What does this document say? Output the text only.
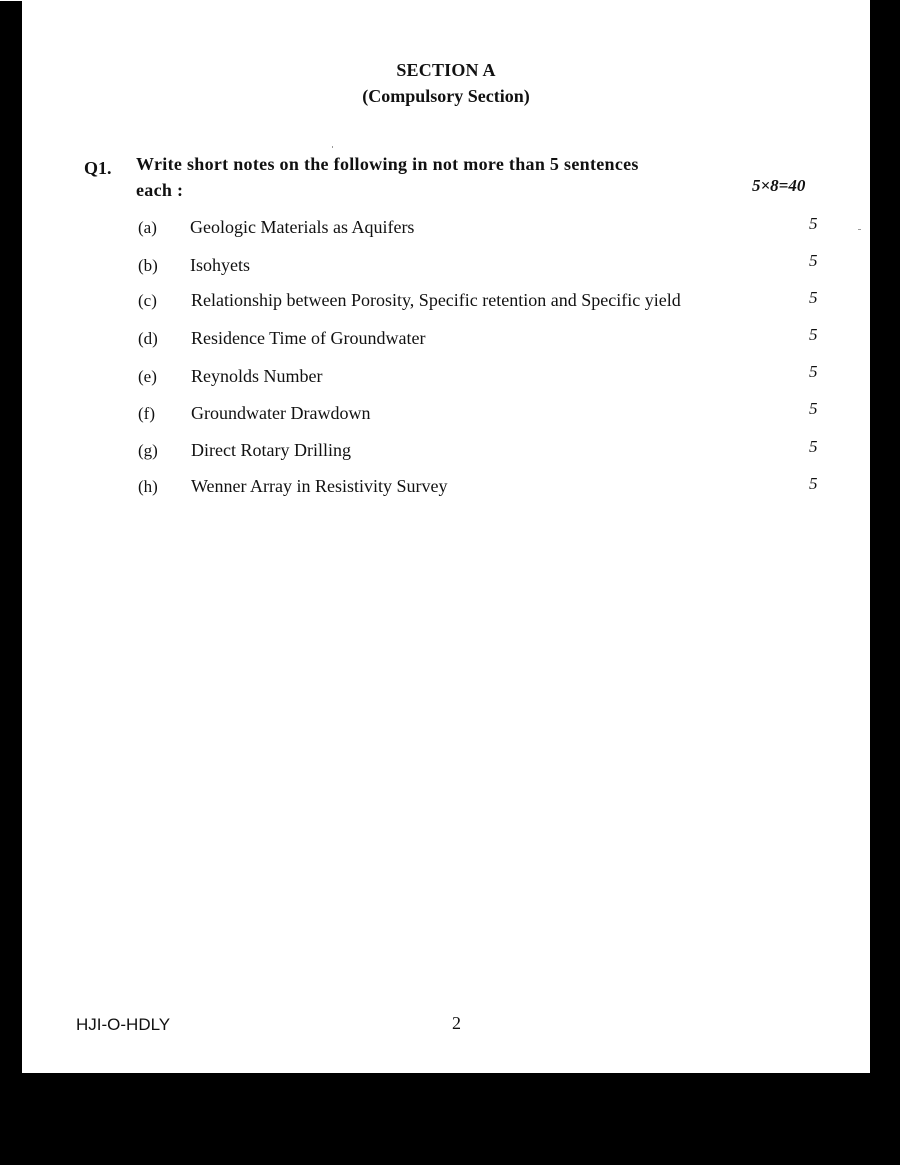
SECTION A
(Compulsory Section)
Q1. Write short notes on the following in not more than 5 sentences
each :	5×8=40
(a) Geologic Materials as Aquifers	5
(b) Isohyets	5
(c) Relationship between Porosity, Specific retention and Specific yield	5
(d) Residence Time of Groundwater	5
(e) Reynolds Number	5
(f) Groundwater Drawdown	5
(g) Direct Rotary Drilling	5
(h) Wenner Array in Resistivity Survey	5
HJI-O-HDLY	2
